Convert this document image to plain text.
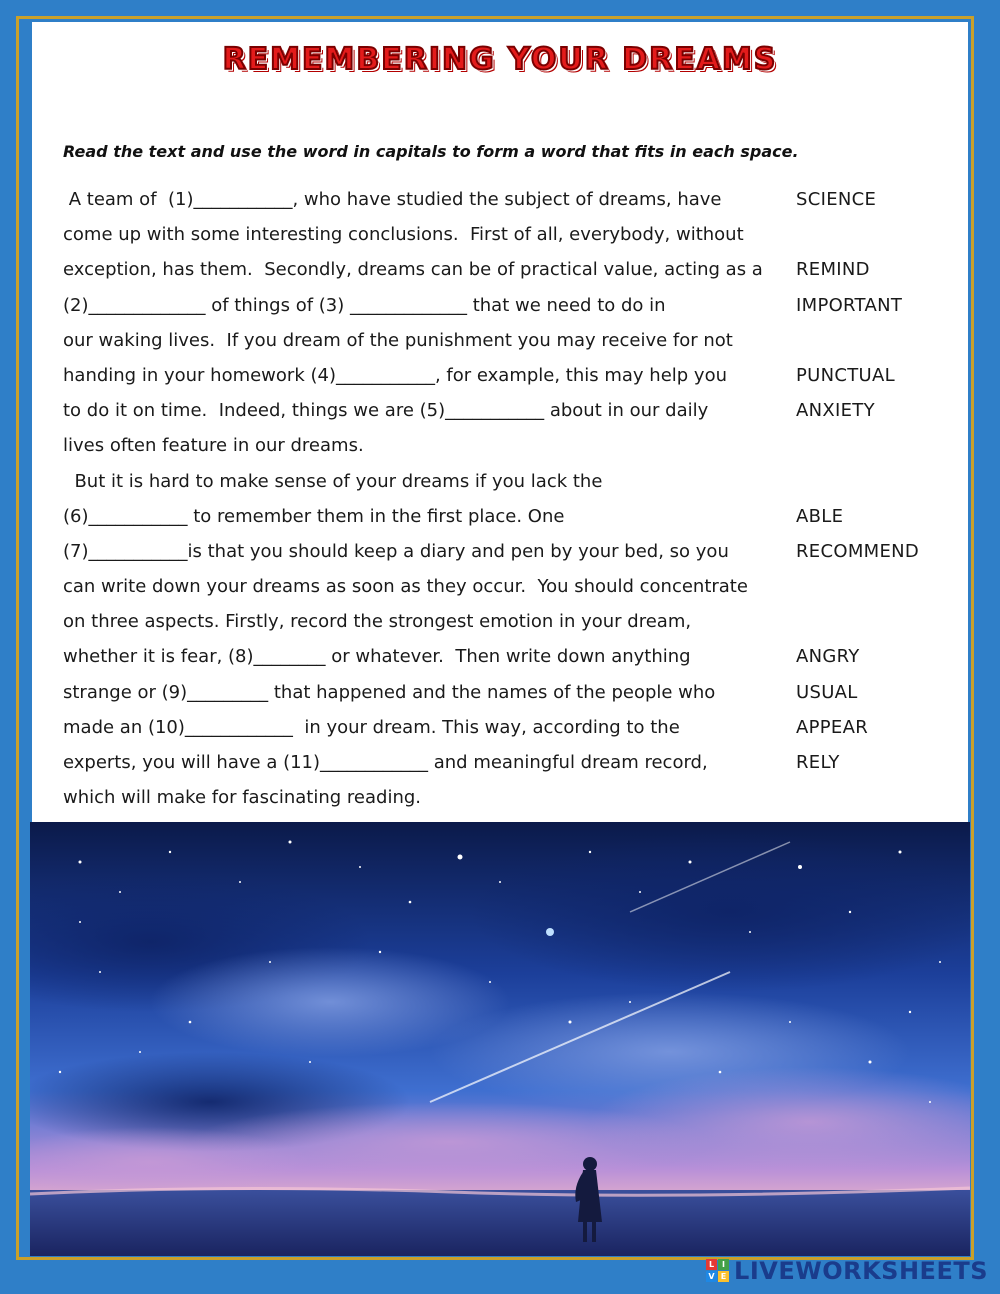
REMEMBERING YOUR DREAMS

Read the text and use the word in capitals to form a word that fits in each space.

A team of  (1)___________, who have studied the subject of dreams, have	SCIENCE
come up with some interesting conclusions.  First of all, everybody, without
exception, has them.  Secondly, dreams can be of practical value, acting as a REMIND
(2)_____________ of things of (3) _____________ that we need to do in	IMPORTANT
our waking lives.  If you dream of the punishment you may receive for not
handing in your homework (4)___________, for example, this may help you	PUNCTUAL
to do it on time.  Indeed, things we are (5)___________ about in our daily	ANXIETY
lives often feature in our dreams.
But it is hard to make sense of your dreams if you lack the
(6)___________ to remember them in the first place. One	ABLE
(7)___________is that you should keep a diary and pen by your bed, so you	RECOMMEND
can write down your dreams as soon as they occur.  You should concentrate
on three aspects. Firstly, record the strongest emotion in your dream,
whether it is fear, (8)________ or whatever.  Then write down anything	ANGRY
strange or (9)_________ that happened and the names of the people who	USUAL
made an (10)____________  in your dream. This way, according to the	APPEAR
experts, you will have a (11)____________ and meaningful dream record,	RELY
which will make for fascinating reading.
L I
V E LIVEWORKSHEETS
